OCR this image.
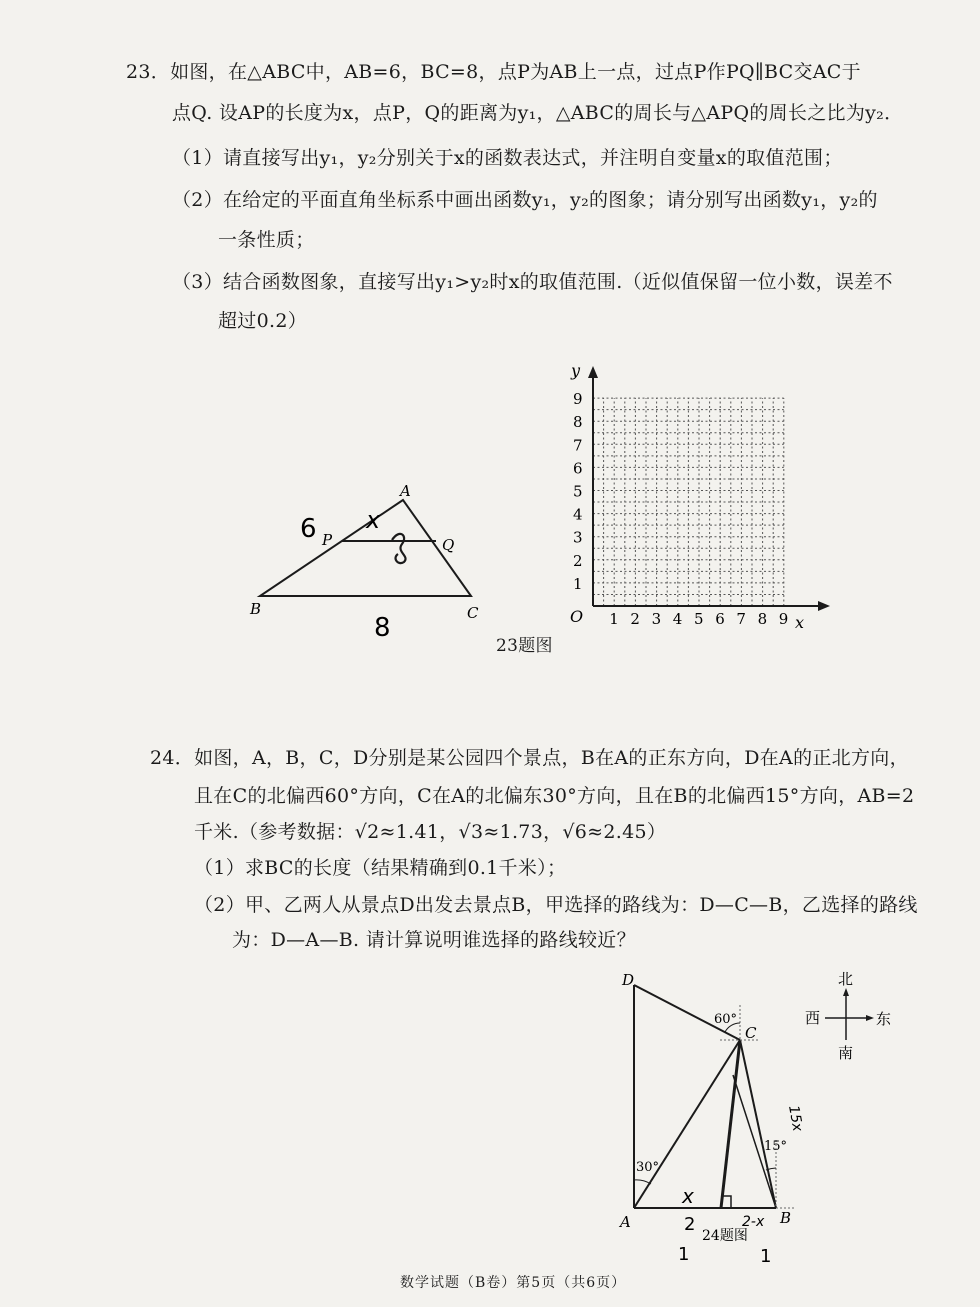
23．如图，在△ABC中，AB=6，BC=8，点P为AB上一点，过点P作PQ∥BC交AC于
点Q. 设AP的长度为x，点P，Q的距离为y₁，△ABC的周长与△APQ的周长之比为y₂．
（1）请直接写出y₁，y₂分别关于x的函数表达式，并注明自变量x的取值范围；
（2）在给定的平面直角坐标系中画出函数y₁，y₂的图象；请分别写出函数y₁，y₂的
一条性质；
（3）结合函数图象，直接写出y₁>y₂时x的取值范围.（近似值保留一位小数，误差不
超过0.2）
A
B	C
P	Q
6 x
8
y
x
O 1 2 3 4 5 6 7 8 9
1
2
3
4
5
6
7
8
9
23题图
24．如图，A，B，C，D分别是某公园四个景点，B在A的正东方向，D在A的正北方向，
且在C的北偏西60°方向，C在A的北偏东30°方向，且在B的北偏西15°方向，AB=2
千米.（参考数据：√2≈1.41，√3≈1.73，√6≈2.45）
（1）求BC的长度（结果精确到0.1千米）；
（2）甲、乙两人从景点D出发去景点B，甲选择的路线为：D—C—B，乙选择的路线
为：D—A—B. 请计算说明谁选择的路线较近？
D
C
A	B
60°
30°
15°
x
15x
2	2-x
1	1
24题图
北
南
西	东
数学试题（B卷）第5页（共6页）
